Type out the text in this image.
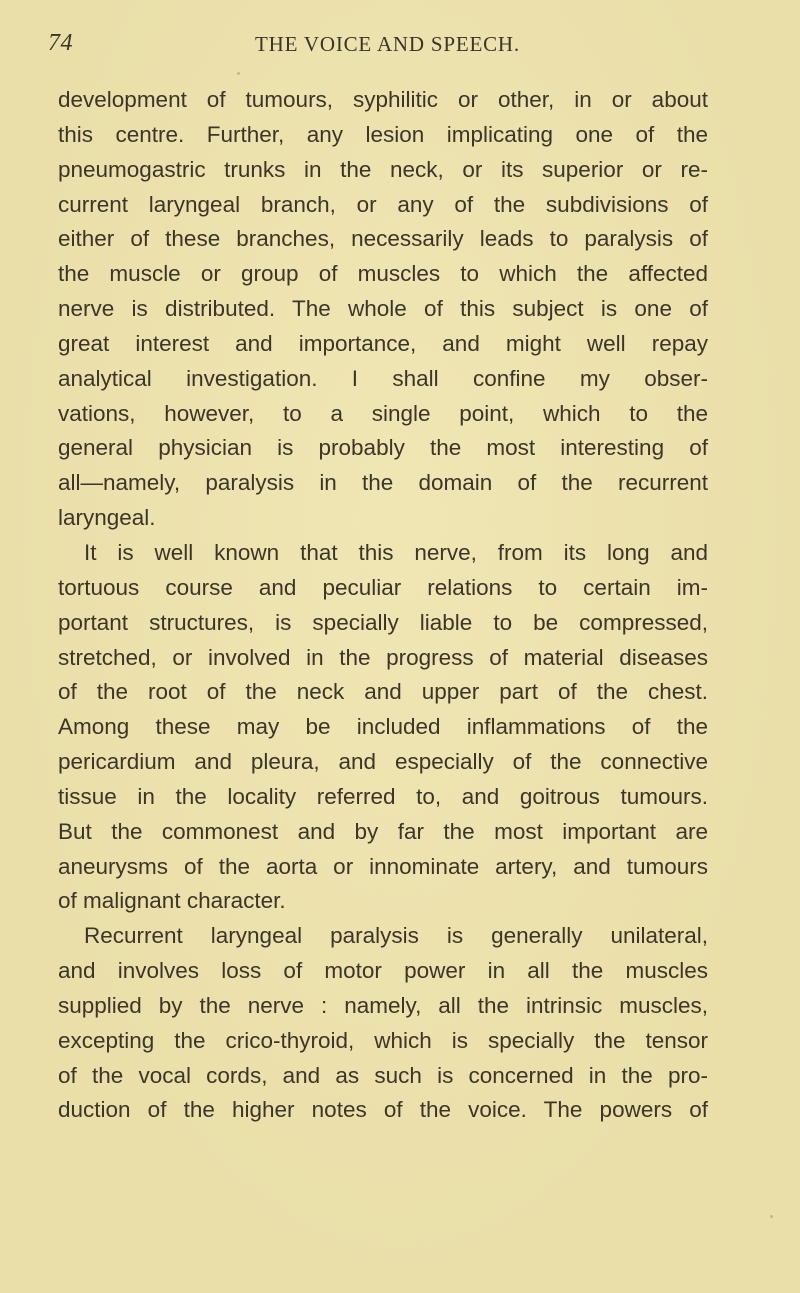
74	THE VOICE AND SPEECH.
development of tumours, syphilitic or other, in or about
this centre. Further, any lesion implicating one of the
pneumogastric trunks in the neck, or its superior or re-
current laryngeal branch, or any of the subdivisions of
either of these branches, necessarily leads to paralysis of
the muscle or group of muscles to which the affected
nerve is distributed. The whole of this subject is one of
great interest and importance, and might well repay
analytical investigation. I shall confine my obser-
vations, however, to a single point, which to the
general physician is probably the most interesting of
all—namely, paralysis in the domain of the recurrent
laryngeal.
It is well known that this nerve, from its long and
tortuous course and peculiar relations to certain im-
portant structures, is specially liable to be compressed,
stretched, or involved in the progress of material diseases
of the root of the neck and upper part of the chest.
Among these may be included inflammations of the
pericardium and pleura, and especially of the connective
tissue in the locality referred to, and goitrous tumours.
But the commonest and by far the most important are
aneurysms of the aorta or innominate artery, and tumours
of malignant character.
Recurrent laryngeal paralysis is generally unilateral,
and involves loss of motor power in all the muscles
supplied by the nerve : namely, all the intrinsic muscles,
excepting the crico-thyroid, which is specially the tensor
of the vocal cords, and as such is concerned in the pro-
duction of the higher notes of the voice. The powers of
